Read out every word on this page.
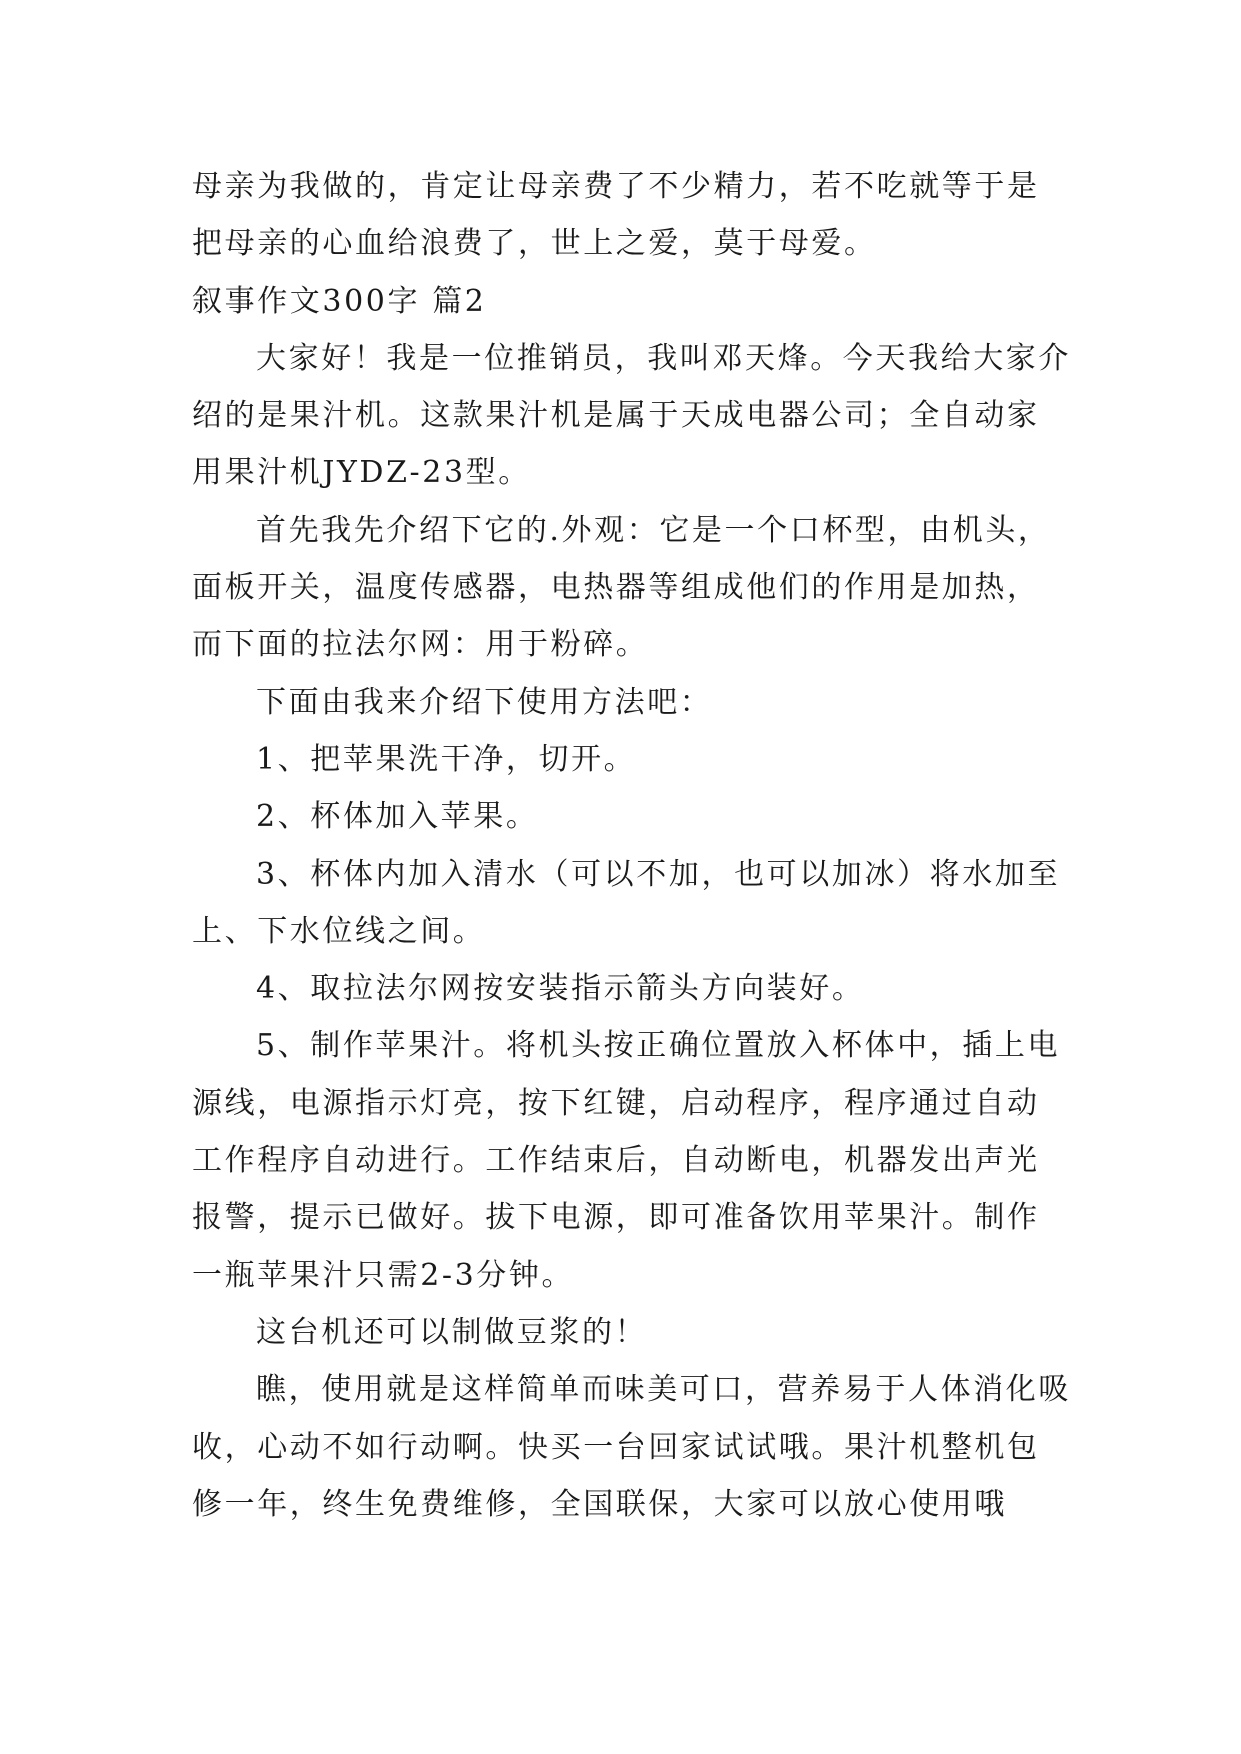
母亲为我做的，肯定让母亲费了不少精力，若不吃就等于是把母亲的心血给浪费了，世上之爱，莫于母爱。

叙事作文300字 篇2

大家好！我是一位推销员，我叫邓天烽。今天我给大家介绍的是果汁机。这款果汁机是属于天成电器公司；全自动家用果汁机JYDZ-23型。

首先我先介绍下它的.外观：它是一个口杯型，由机头，面板开关，温度传感器，电热器等组成他们的作用是加热，而下面的拉法尔网：用于粉碎。

下面由我来介绍下使用方法吧：

1、把苹果洗干净，切开。

2、杯体加入苹果。

3、杯体内加入清水（可以不加，也可以加冰）将水加至上、下水位线之间。

4、取拉法尔网按安装指示箭头方向装好。

5、制作苹果汁。将机头按正确位置放入杯体中，插上电源线，电源指示灯亮，按下红键，启动程序，程序通过自动工作程序自动进行。工作结束后，自动断电，机器发出声光报警，提示已做好。拔下电源，即可准备饮用苹果汁。制作一瓶苹果汁只需2-3分钟。

这台机还可以制做豆浆的！

瞧，使用就是这样简单而味美可口，营养易于人体消化吸收，心动不如行动啊。快买一台回家试试哦。果汁机整机包修一年，终生免费维修，全国联保，大家可以放心使用哦
